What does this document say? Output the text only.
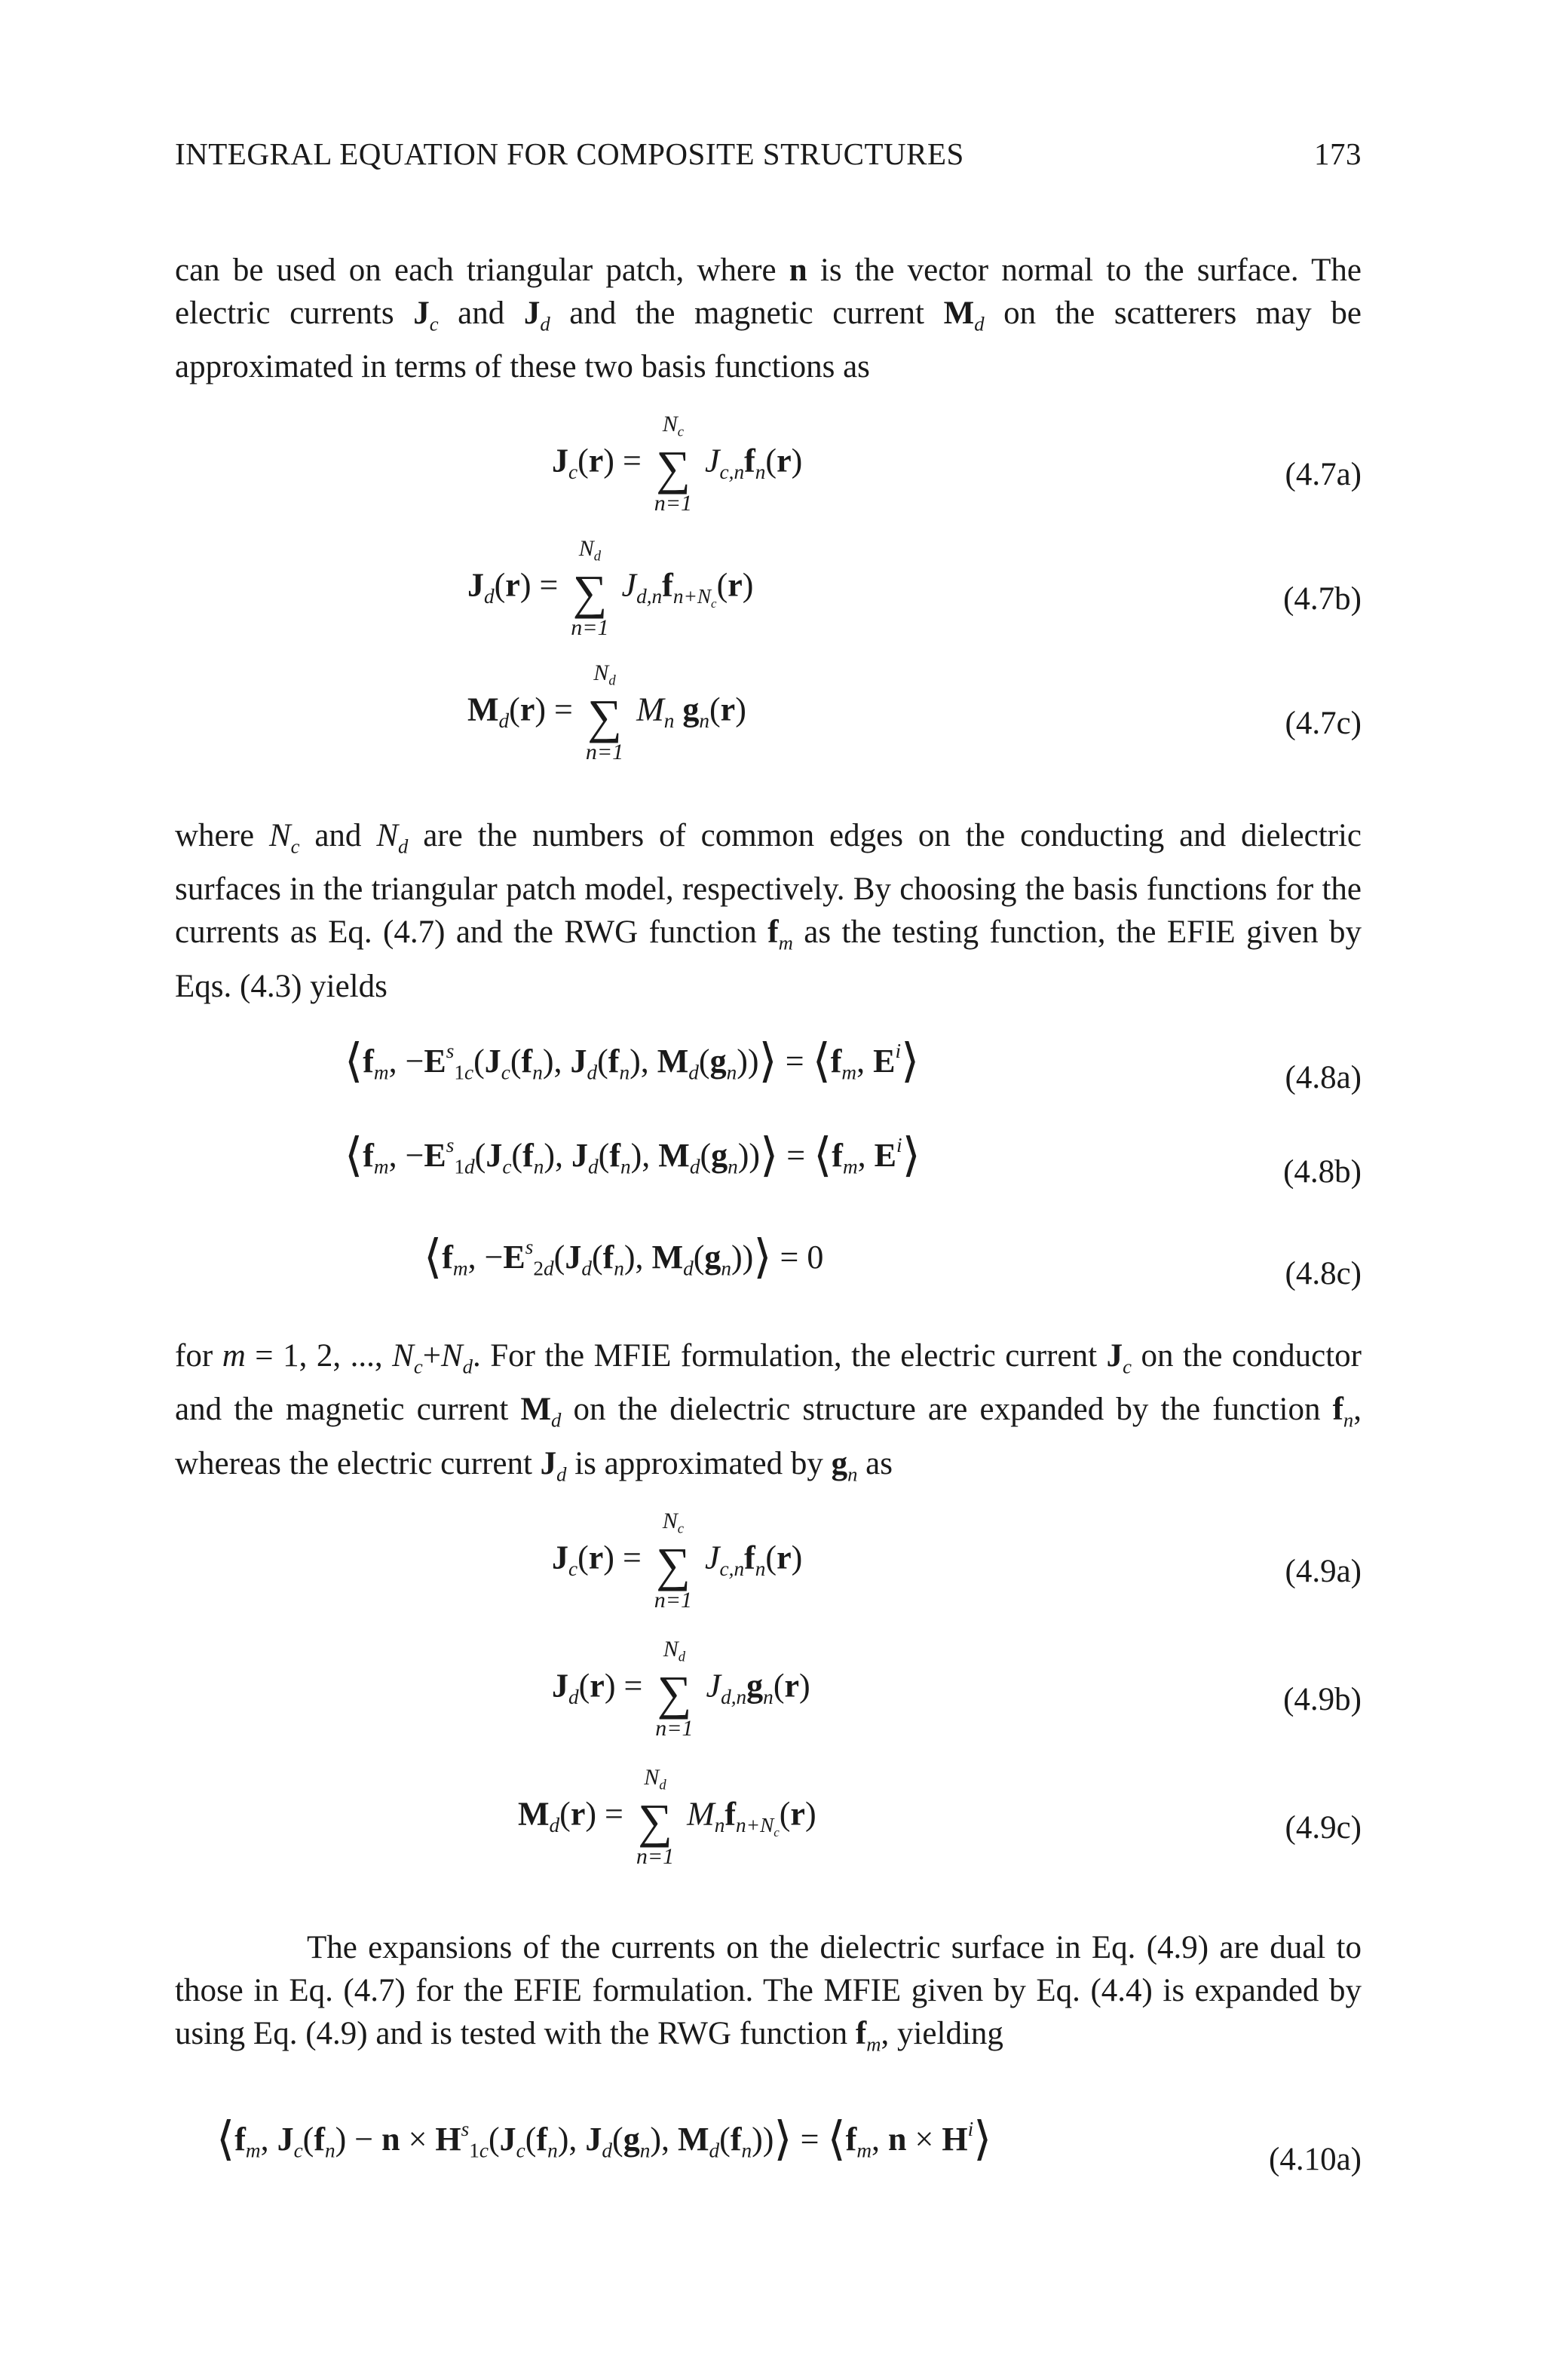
INTEGRAL EQUATION FOR COMPOSITE STRUCTURES	173

can be used on each triangular patch, where n is the vector normal to the surface. The electric currents $J_c$ and $J_d$ and the magnetic current $M_d$ on the scatterers may be approximated in terms of these two basis functions as

$J_c(r)$ =
$N_c$
∑
n=1
$J_{c,n}f_n(r)$	(4.7a)
$J_d(r)$ =
$N_d$
∑
n=1
$J_{d,n}f_{n+N_c}(r)$	(4.7b)
$M_d(r)$ =
$N_d$
∑
n=1
$M_n$ $g_n(r)$	(4.7c)

where $N_c$ and $N_d$ are the numbers of common edges on the conducting and dielectric surfaces in the triangular patch model, respectively. By choosing the basis functions for the currents as Eq. (4.7) and the RWG function $f_m$ as the testing function, the EFIE given by Eqs. (4.3) yields

$⟨f_m$, $-E^s_{1c}(J_c(f_n)$, $J_d(f_n)$, $M_d(g_n))⟩$ = $⟨f_m$, $E^i⟩$	(4.8a)
$⟨f_m$, $-E^s_{1d}(J_c(f_n)$, $J_d(f_n)$, $M_d(g_n))⟩$ = $⟨f_m$, $E^i⟩$	(4.8b)
$⟨f_m$, $-E^s_{2d}(J_d(f_n)$, $M_d(g_n))⟩ = 0$	(4.8c)

for m = 1, 2, ..., $N_c+N_d$. For the MFIE formulation, the electric current $J_c$ on the conductor and the magnetic current $M_d$ on the dielectric structure are expanded by the function $f_n$, whereas the electric current $J_d$ is approximated by $g_n$ as

$J_c(r)$ =
$N_c$
∑
n=1
$J_{c,n}f_n(r)$	(4.9a)
$J_d(r)$ =
$N_d$
∑
n=1
$J_{d,n}g_n(r)$	(4.9b)
$M_d(r)$ =
$N_d$
∑
n=1
$M_nf_{n+N_c}(r)$	(4.9c)

The expansions of the currents on the dielectric surface in Eq. (4.9) are dual to those in Eq. (4.7) for the EFIE formulation. The MFIE given by Eq. (4.4) is expanded by using Eq. (4.9) and is tested with the RWG function $f_m$, yielding

$⟨f_m$, $J_c(f_n) - n \times H^s_{1c}(J_c(f_n)$, $J_d(g_n)$, $M_d(f_n))⟩$ = $⟨f_m$, $n \times H^i⟩$	(4.10a)
